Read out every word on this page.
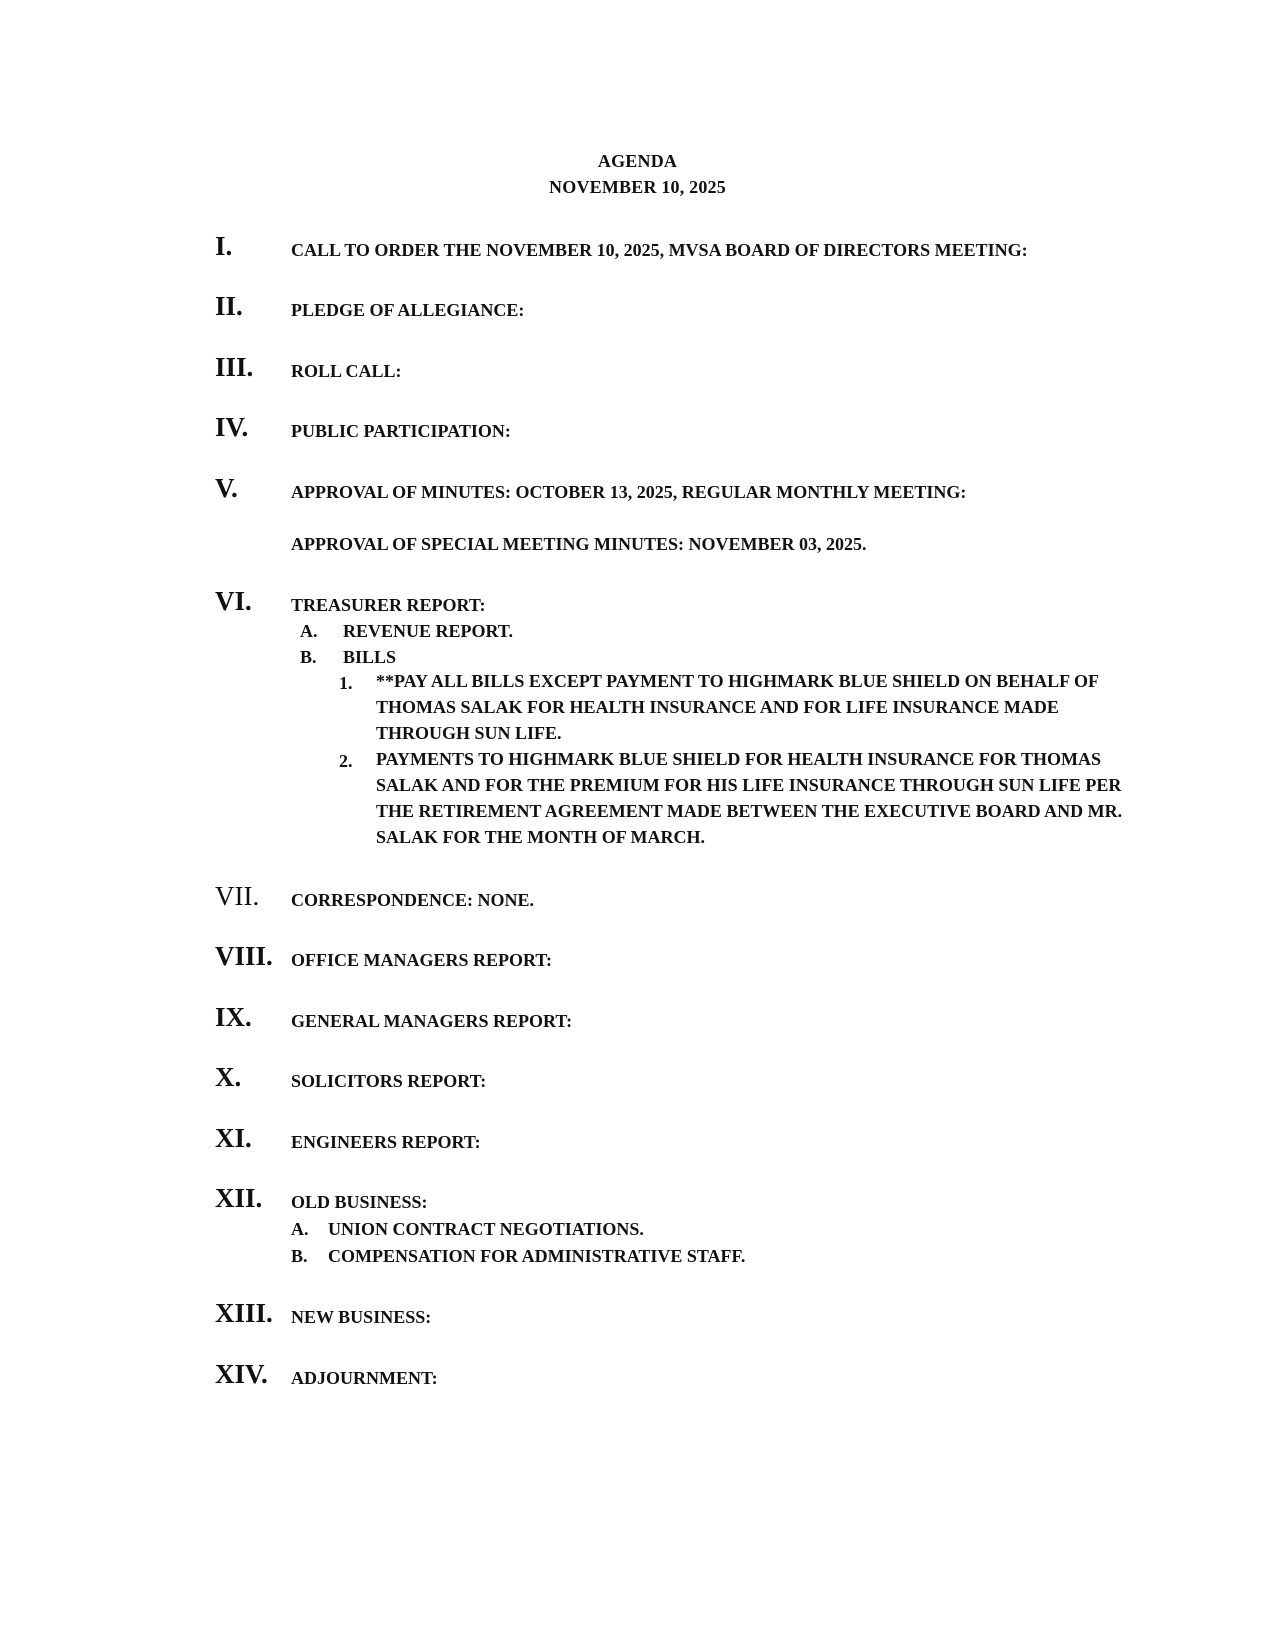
AGENDA
NOVEMBER 10, 2025
I.	CALL TO ORDER THE NOVEMBER 10, 2025, MVSA BOARD OF DIRECTORS MEETING:
II.	PLEDGE OF ALLEGIANCE:
III. ROLL CALL:
IV. PUBLIC PARTICIPATION:
V.	APPROVAL OF MINUTES: OCTOBER 13, 2025, REGULAR MONTHLY MEETING:
APPROVAL OF SPECIAL MEETING MINUTES: NOVEMBER 03, 2025.
VI. TREASURER REPORT:
A. REVENUE REPORT.
B. BILLS
1. **PAY ALL BILLS EXCEPT PAYMENT TO HIGHMARK BLUE SHIELD ON BEHALF OF THOMAS SALAK FOR HEALTH INSURANCE AND FOR LIFE INSURANCE MADE THROUGH SUN LIFE.
2. PAYMENTS TO HIGHMARK BLUE SHIELD FOR HEALTH INSURANCE FOR THOMAS SALAK AND FOR THE PREMIUM FOR HIS LIFE INSURANCE THROUGH SUN LIFE PER THE RETIREMENT AGREEMENT MADE BETWEEN THE EXECUTIVE BOARD AND MR. SALAK FOR THE MONTH OF MARCH.
VII. CORRESPONDENCE: NONE.
VIII. OFFICE MANAGERS REPORT:
IX. GENERAL MANAGERS REPORT:
X.	SOLICITORS REPORT:
XI. ENGINEERS REPORT:
XII. OLD BUSINESS:
A. UNION CONTRACT NEGOTIATIONS.
B. COMPENSATION FOR ADMINISTRATIVE STAFF.
XIII. NEW BUSINESS:
XIV. ADJOURNMENT:
